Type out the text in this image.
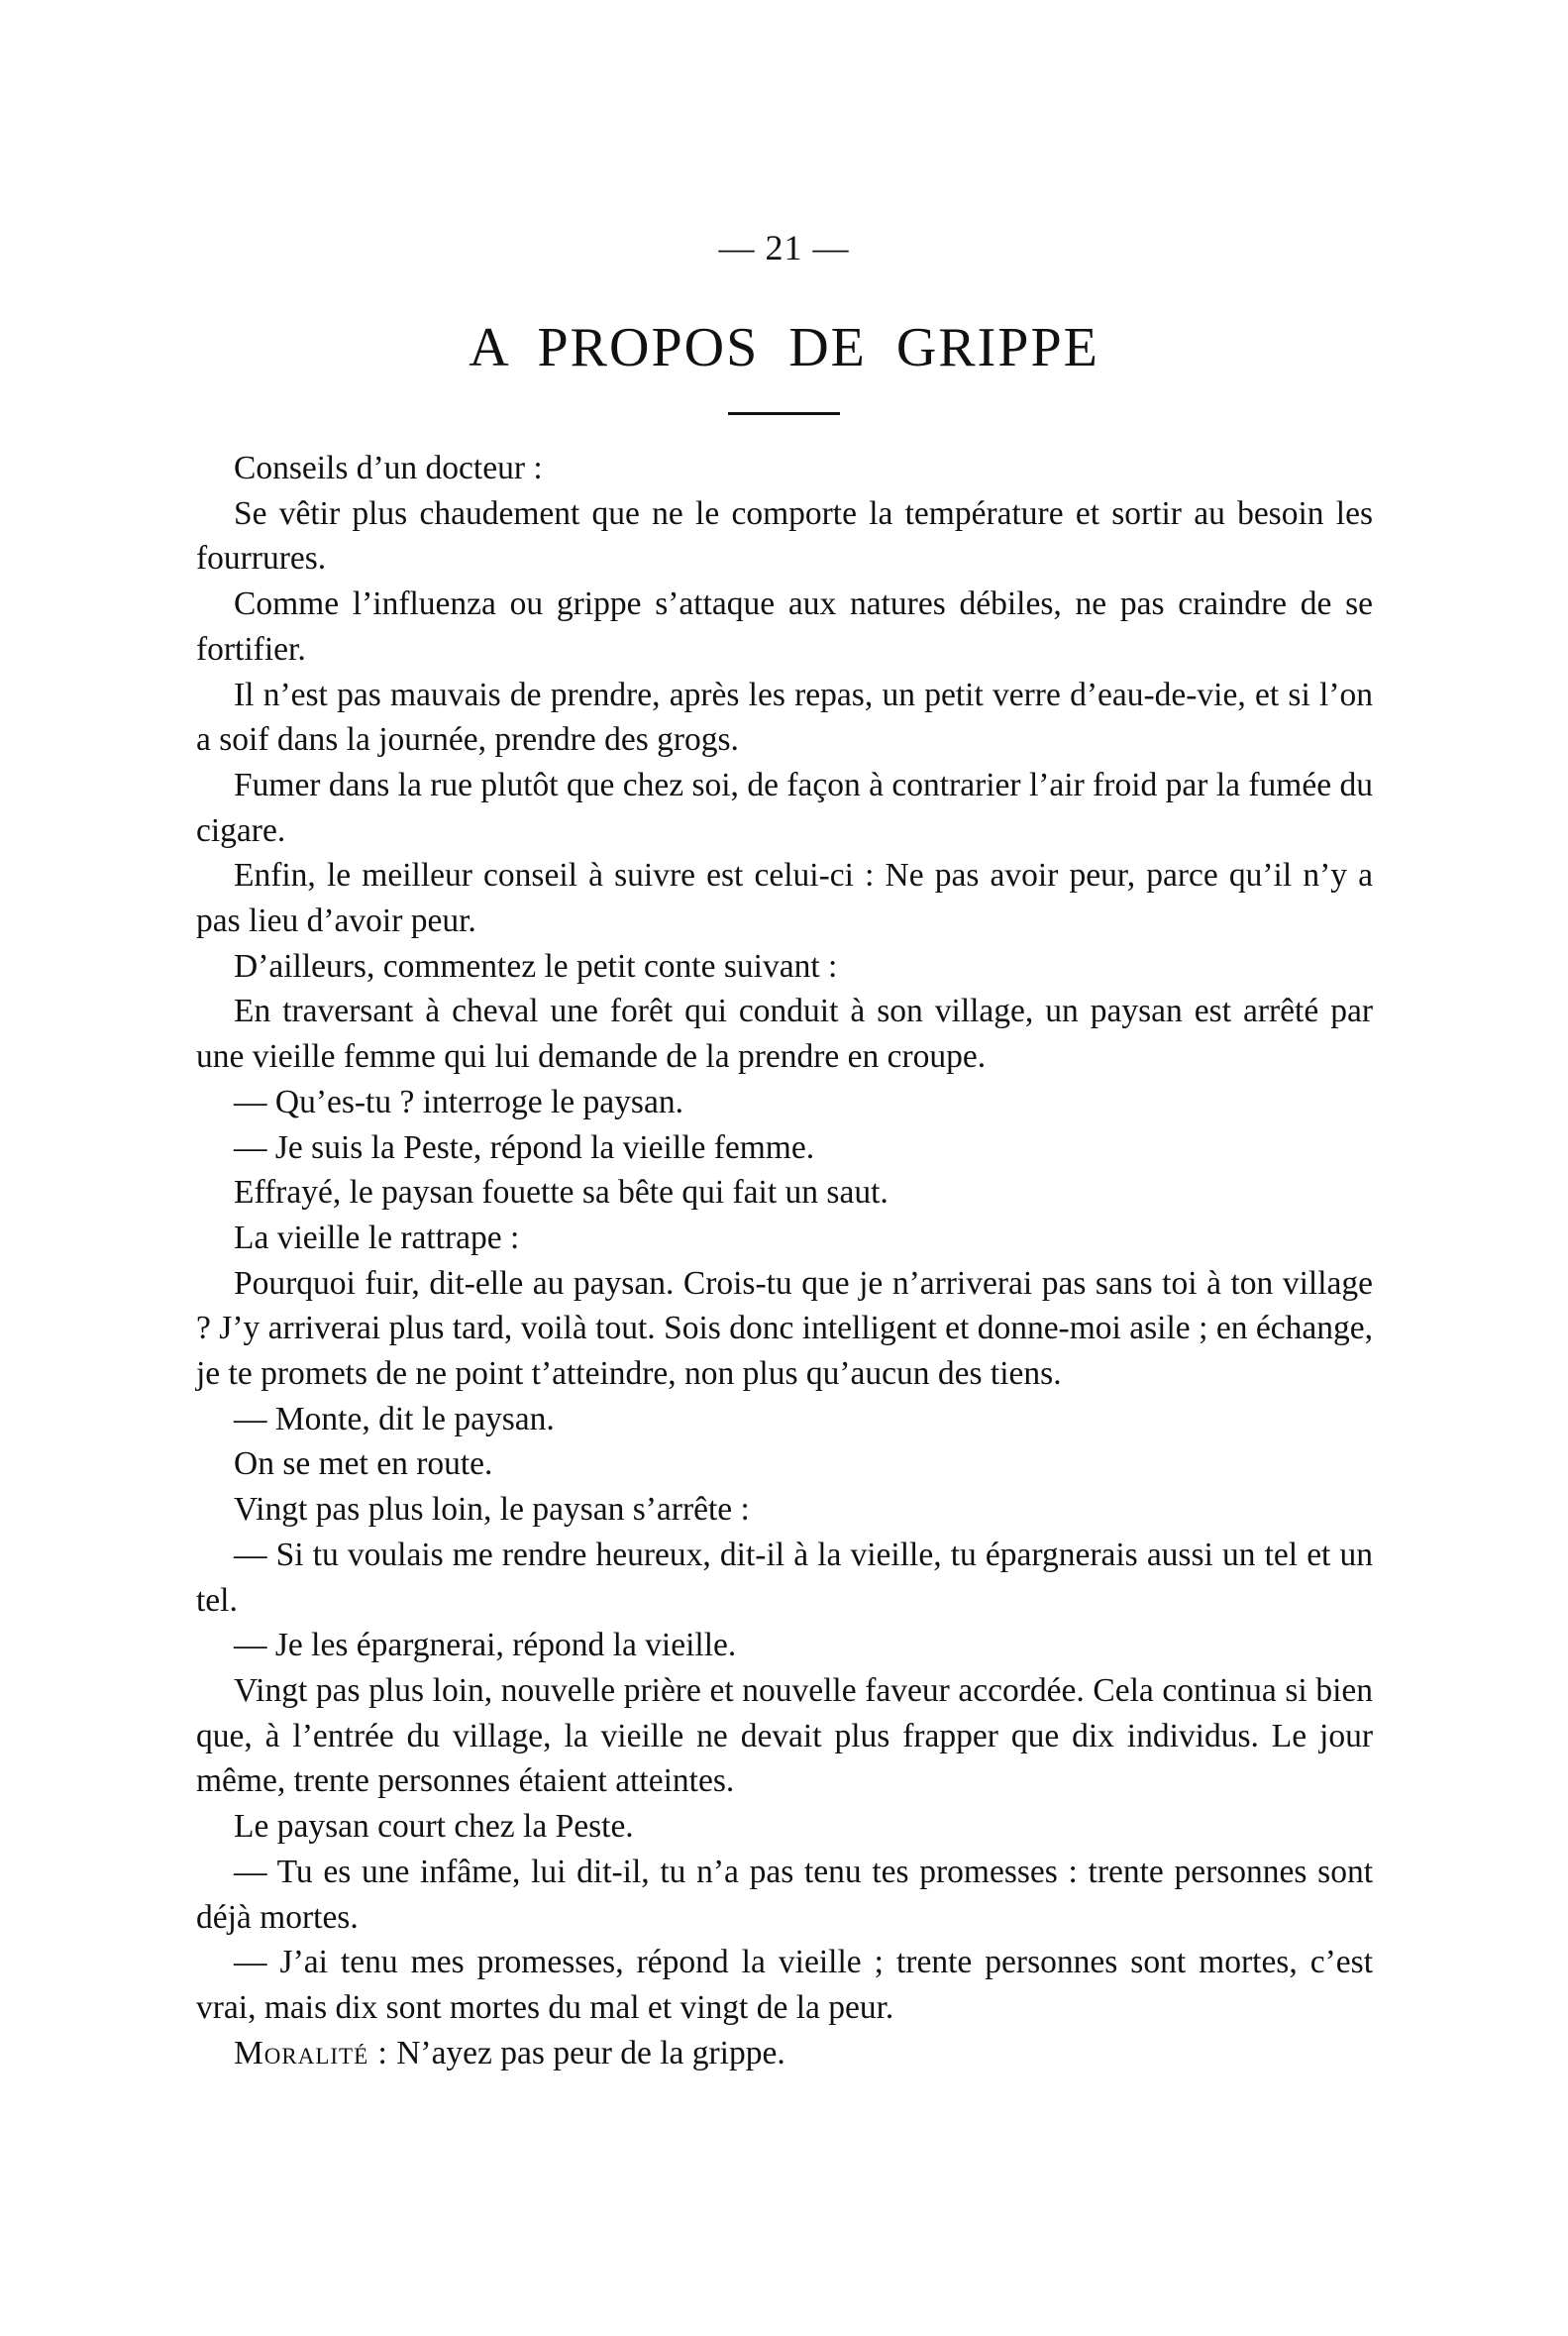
— 21 —
A PROPOS DE GRIPPE

Conseils d’un docteur :

Se vêtir plus chaudement que ne le comporte la température et sortir au besoin les fourrures.

Comme l’influenza ou grippe s’attaque aux natures débiles, ne pas craindre de se fortifier.

Il n’est pas mauvais de prendre, après les repas, un petit verre d’eau-de-vie, et si l’on a soif dans la journée, prendre des grogs.

Fumer dans la rue plutôt que chez soi, de façon à contrarier l’air froid par la fumée du cigare.

Enfin, le meilleur conseil à suivre est celui-ci : Ne pas avoir peur, parce qu’il n’y a pas lieu d’avoir peur.

D’ailleurs, commentez le petit conte suivant :

En traversant à cheval une forêt qui conduit à son village, un paysan est arrêté par une vieille femme qui lui demande de la prendre en croupe.

— Qu’es-tu ? interroge le paysan.

— Je suis la Peste, répond la vieille femme.

Effrayé, le paysan fouette sa bête qui fait un saut.

La vieille le rattrape :

Pourquoi fuir, dit-elle au paysan. Crois-tu que je n’arriverai pas sans toi à ton village ? J’y arriverai plus tard, voilà tout. Sois donc intelligent et donne-moi asile ; en échange, je te promets de ne point t’atteindre, non plus qu’aucun des tiens.

— Monte, dit le paysan.

On se met en route.

Vingt pas plus loin, le paysan s’arrête :

— Si tu voulais me rendre heureux, dit-il à la vieille, tu épargnerais aussi un tel et un tel.

— Je les épargnerai, répond la vieille.

Vingt pas plus loin, nouvelle prière et nouvelle faveur accordée. Cela continua si bien que, à l’entrée du village, la vieille ne devait plus frapper que dix individus. Le jour même, trente personnes étaient atteintes.

Le paysan court chez la Peste.

— Tu es une infâme, lui dit-il, tu n’a pas tenu tes promesses : trente personnes sont déjà mortes.

— J’ai tenu mes promesses, répond la vieille ; trente personnes sont mortes, c’est vrai, mais dix sont mortes du mal et vingt de la peur.

Moralité : N’ayez pas peur de la grippe.
